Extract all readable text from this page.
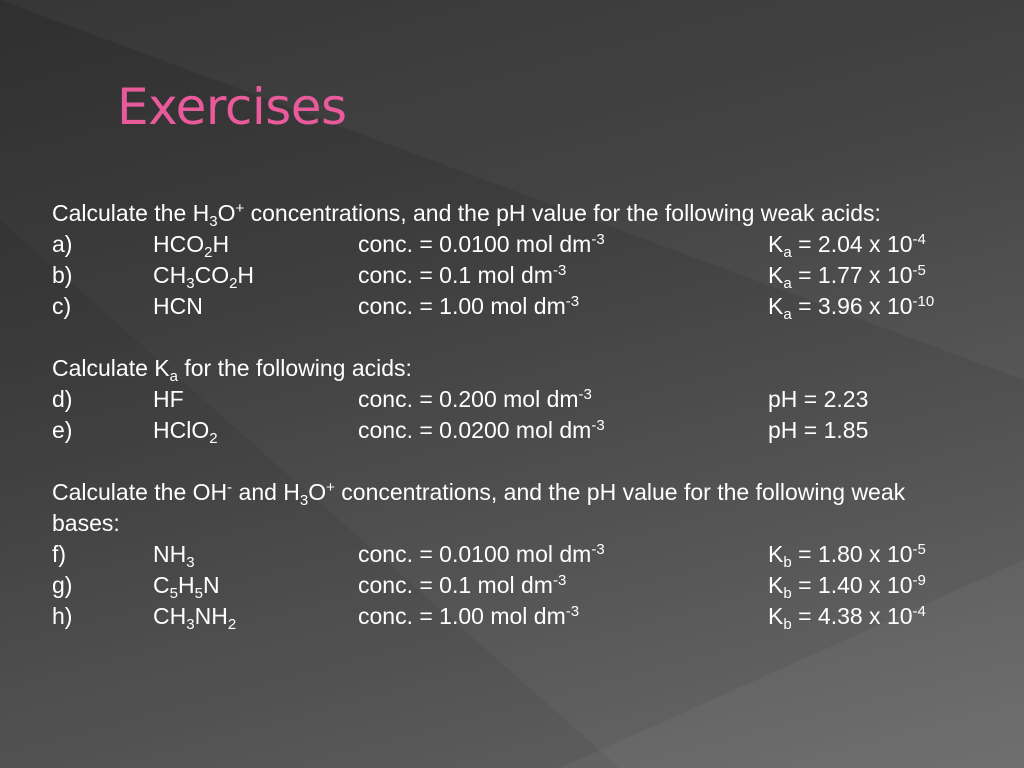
Exercises

Calculate the $H_3O^+$ concentrations, and the pH value for the following weak acids:

a)	$HCO_2H$	conc. = 0.0100 mol $dm^{-3}$	$K_a = 2.04$ x $10^{-4}$
b)	$CH_3CO_2H$	conc. = 0.1 mol $dm^{-3}$	$K_a = 1.77$ x $10^{-5}$
c)	HCN	conc. = 1.00 mol $dm^{-3}$	$K_a = 3.96$ x $10^{-10}$

Calculate $K_a$ for the following acids:

d)	HF	conc. = 0.200 mol $dm^{-3}$	pH = 2.23
e)	HClO$_2$	conc. = 0.0200 mol $dm^{-3}$	pH = 1.85

Calculate the OH- and $H_3O^+$ concentrations, and the pH value for the following weak bases:

f)	$NH_3$	conc. = 0.0100 mol $dm^{-3}$	$K_b = 1.80$ x $10^{-5}$
g)	$C_5H_5N$	conc. = 0.1 mol $dm^{-3}$	$K_b = 1.40$ x $10^{-9}$
h)	$CH_3NH_2$	conc. = 1.00 mol $dm^{-3}$	$K_b = 4.38$ x $10^{-4}$
